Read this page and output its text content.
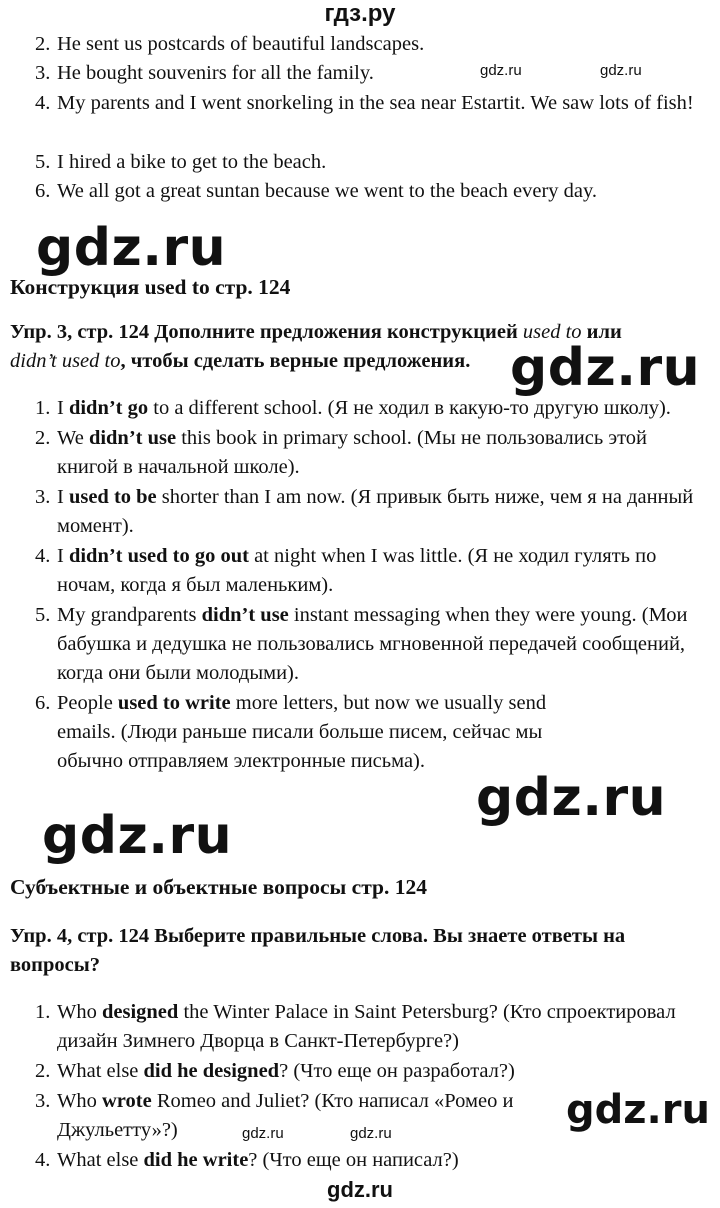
гдз.ру
2. He sent us postcards of beautiful landscapes.
3. He bought souvenirs for all the family.
4. My parents and I went snorkeling in the sea near Estartit. We saw lots of fish!
5. I hired a bike to get to the beach.
6. We all got a great suntan because we went to the beach every day.
gdz.ru	gdz.ru
gdz.ru
Конструкция used to стр. 124
Упр. 3, стр. 124 Дополните предложения конструкцией used to или
didn’t used to, чтобы сделать верные предложения. gdz.ru
1. I didn’t go to a different school. (Я не ходил в какую-то другую школу).
2. We didn’t use this book in primary school. (Мы не пользовались этой книгой в начальной школе).
3. I used to be shorter than I am now. (Я привык быть ниже, чем я на данный момент).
4. I didn’t used to go out at night when I was little. (Я не ходил гулять по ночам, когда я был маленьким).
5. My grandparents didn’t use instant messaging when they were young. (Мои бабушка и дедушка не пользовались мгновенной передачей сообщений, когда они были молодыми).
6. People used to write more letters, but now we usually send emails. (Люди раньше писали больше писем, сейчас мы обычно отправляем электронные письма).
gdz.ru
gdz.ru
Субъектные и объектные вопросы стр. 124
Упр. 4, стр. 124 Выберите правильные слова. Вы знаете ответы на вопросы?
1. Who designed the Winter Palace in Saint Petersburg? (Кто спроектировал дизайн Зимнего Дворца в Санкт-Петербурге?)
2. What else did he designed? (Что еще он разработал?)
3. Who wrote Romeo and Juliet? (Кто написал «Ромео и Джульетту»?)
4. What else did he write? (Что еще он написал?)
gdz.ru
gdz.ru	gdz.ru
gdz.ru
